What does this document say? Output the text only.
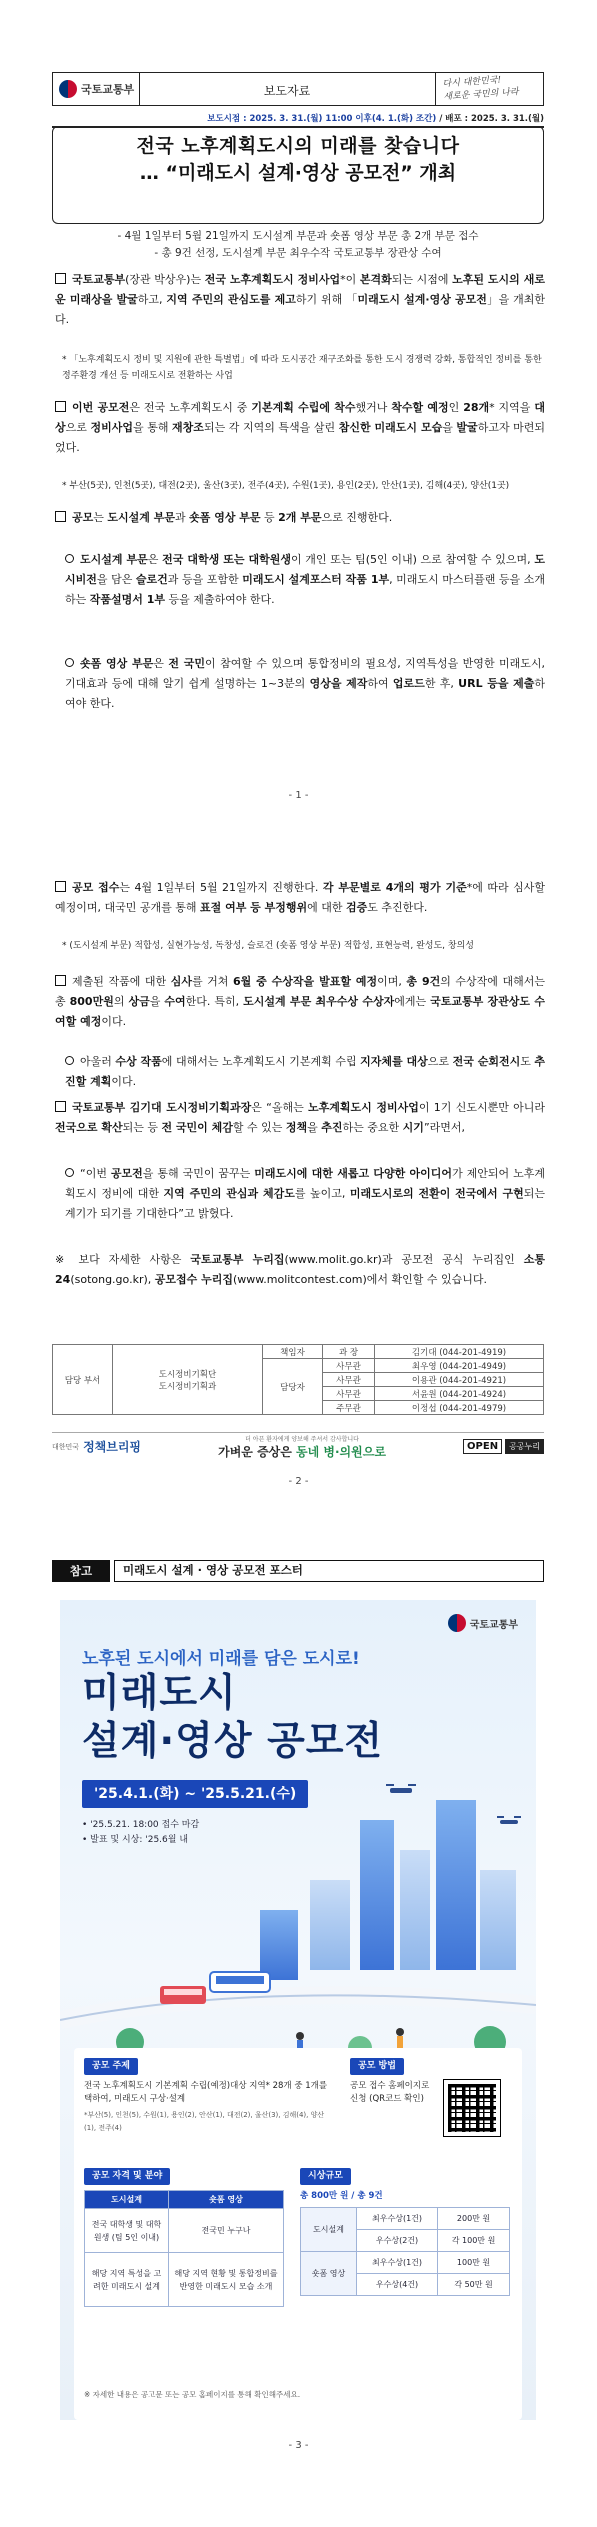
국토교통부	보도자료
다시 대한민국!
새로운 국민의 나라
보도시점 : 2025. 3. 31.(월) 11:00 이후(4. 1.(화) 조간) / 배포 : 2025. 3. 31.(월)
전국 노후계획도시의 미래를 찾습니다
… “미래도시 설계·영상 공모전” 개최
- 4월 1일부터 5월 21일까지 도시설계 부문과 숏폼 영상 부문 총 2개 부문 접수
- 총 9건 선정, 도시설계 부문 최우수작 국토교통부 장관상 수여
국토교통부(장관 박상우)는 전국 노후계획도시 정비사업*이 본격화되는 시점에 노후된 도시의 새로운 미래상을 발굴하고, 지역 주민의 관심도를 제고하기 위해 「미래도시 설계·영상 공모전」을 개최한다.
* 「노후계획도시 정비 및 지원에 관한 특별법」에 따라 도시공간 재구조화를 통한 도시 경쟁력 강화, 통합적인 정비를 통한 정주환경 개선 등 미래도시로 전환하는 사업
이번 공모전은 전국 노후계획도시 중 기본계획 수립에 착수했거나 착수할 예정인 28개* 지역을 대상으로 정비사업을 통해 재창조되는 각 지역의 특색을 살린 참신한 미래도시 모습을 발굴하고자 마련되었다.
* 부산(5곳), 인천(5곳), 대전(2곳), 울산(3곳), 전주(4곳), 수원(1곳), 용인(2곳), 안산(1곳), 김해(4곳), 양산(1곳)
공모는 도시설계 부문과 숏폼 영상 부문 등 2개 부문으로 진행한다.
도시설계 부문은 전국 대학생 또는 대학원생이 개인 또는 팀(5인 이내) 으로 참여할 수 있으며, 도시비전을 담은 슬로건과 등을 포함한 미래도시 설계포스터 작품 1부, 미래도시 마스터플랜 등을 소개하는 작품설명서 1부 등을 제출하여야 한다.
숏폼 영상 부문은 전 국민이 참여할 수 있으며 통합정비의 필요성, 지역특성을 반영한 미래도시, 기대효과 등에 대해 알기 쉽게 설명하는 1~3분의 영상을 제작하여 업로드한 후, URL 등을 제출하여야 한다.
- 1 -
공모 접수는 4월 1일부터 5월 21일까지 진행한다. 각 부문별로 4개의 평가 기준*에 따라 심사할 예정이며, 대국민 공개를 통해 표절 여부 등 부정행위에 대한 검증도 추진한다.
* (도시설계 부문) 적합성, 실현가능성, 독창성, 슬로건 (숏폼 영상 부문) 적합성, 표현능력, 완성도, 창의성
제출된 작품에 대한 심사를 거쳐 6월 중 수상작을 발표할 예정이며, 총 9건의 수상작에 대해서는 총 800만원의 상금을 수여한다. 특히, 도시설계 부문 최우수상 수상자에게는 국토교통부 장관상도 수여할 예정이다.
아울러 수상 작품에 대해서는 노후계획도시 기본계획 수립 지자체를 대상으로 전국 순회전시도 추진할 계획이다.
국토교통부 김기대 도시정비기획과장은 “올해는 노후계획도시 정비사업이 1기 신도시뿐만 아니라 전국으로 확산되는 등 전 국민이 체감할 수 있는 정책을 추진하는 중요한 시기”라면서,
“이번 공모전을 통해 국민이 꿈꾸는 미래도시에 대한 새롭고 다양한 아이디어가 제안되어 노후계획도시 정비에 대한 지역 주민의 관심과 체감도를 높이고, 미래도시로의 전환이 전국에서 구현되는 계기가 되기를 기대한다”고 밝혔다.
※ 보다 자세한 사항은 국토교통부 누리집(www.molit.go.kr)과 공모전 공식 누리집인 소통24(sotong.go.kr), 공모접수 누리집(www.molitcontest.com)에서 확인할 수 있습니다.
담당 부서	도시정비기획단
도시정비기획과	책임자	과 장	김기대 (044-201-4919)
		담당자	사무관	최우영 (044-201-4949)
			사무관	이용관 (044-201-4921)
			사무관	서윤원 (044-201-4924)
			주무관	이정섭 (044-201-4979)
대한민국 정책브리핑
더 아픈 환자에게 양보해 주셔서 감사합니다
가벼운 증상은 동네 병·의원으로	OPEN	공공누리
- 2 -
참고	미래도시 설계 · 영상 공모전 포스터
국토교통부
노후된 도시에서 미래를 담은 도시로!
미래도시
설계·영상 공모전
'25.4.1.(화) ~ '25.5.21.(수)
• '25.5.21. 18:00 접수 마감
• 발표 및 시상: '25.6월 내
공모 주제
전국 노후계획도시 기본계획 수립(예정)대상 지역* 28개 중 1개를 택하여, 미래도시 구상·설계
*부산(5), 인천(5), 수원(1), 용인(2), 안산(1), 대전(2), 울산(3), 김해(4), 양산(1), 전주(4)
공모 방법
공모 접수 홈페이지로 신청 (QR코드 확인)
공모 자격 및 분야
도시설계	숏폼 영상
전국 대학생 및 대학원생 (팀 5인 이내)	전국민 누구나
해당 지역 특성을 고려한 미래도시 설계	해당 지역 현황 및 통합정비를 반영한 미래도시 모습 소개
시상규모
총 800만 원 / 총 9건
도시설계	최우수상(1건)	200만 원
	우수상(2건)	각 100만 원
숏폼 영상	최우수상(1건)	100만 원
	우수상(4건)	각 50만 원
※ 자세한 내용은 공고문 또는 공모 홈페이지를 통해 확인해주세요.
- 3 -
